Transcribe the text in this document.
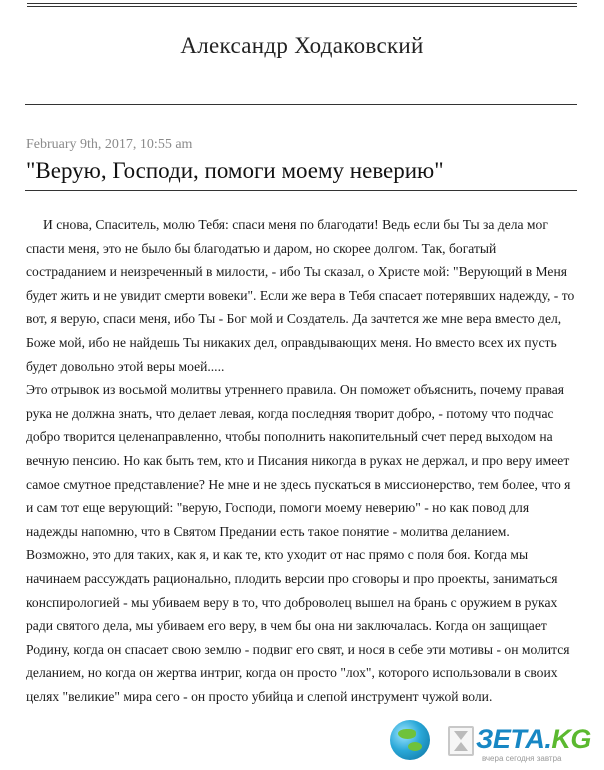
Александр Ходаковский
February 9th, 2017, 10:55 am
"Верую, Господи, помоги моему неверию"

И снова, Спаситель, молю Тебя: спаси меня по благодати! Ведь если бы Ты за дела мог спасти меня, это не было бы благодатью и даром, но скорее долгом. Так, богатый состраданием и неизреченный в милости, - ибо Ты сказал, о Христе мой: "Верующий в Меня будет жить и не увидит смерти вовеки". Если же вера в Тебя спасает потерявших надежду, - то вот, я верую, спаси меня, ибо Ты - Бог мой и Создатель. Да зачтется же мне вера вместо дел, Боже мой, ибо не найдешь Ты никаких дел, оправдывающих меня. Но вместо всех их пусть будет довольно этой веры моей.....

Это отрывок из восьмой молитвы утреннего правила. Он поможет объяснить, почему правая рука не должна знать, что делает левая, когда последняя творит добро, - потому что подчас добро творится целенаправленно, чтобы пополнить накопительный счет перед выходом на вечную пенсию. Но как быть тем, кто и Писания никогда в руках не держал, и про веру имеет самое смутное представление? Не мне и не здесь пускаться в миссионерство, тем более, что я и сам тот еще верующий: "верую, Господи, помоги моему неверию" - но как повод для надежды напомню, что в Святом Предании есть такое понятие - молитва деланием. Возможно, это для таких, как я, и как те, кто уходит от нас прямо с поля боя. Когда мы начинаем рассуждать рационально, плодить версии про сговоры и про проекты, заниматься конспирологией - мы убиваем веру в то, что доброволец вышел на брань с оружием в руках ради святого дела, мы убиваем его веру, в чем бы она ни заключалась. Когда он защищает Родину, когда он спасает свою землю - подвиг его свят, и нося в себе эти мотивы - он молится деланием, но когда он жертва интриг, когда он просто "лох", которого использовали в своих целях "великие" мира сего - он просто убийца и слепой инструмент чужой воли.

ЗЕТА.KG
вчера сегодня завтра
